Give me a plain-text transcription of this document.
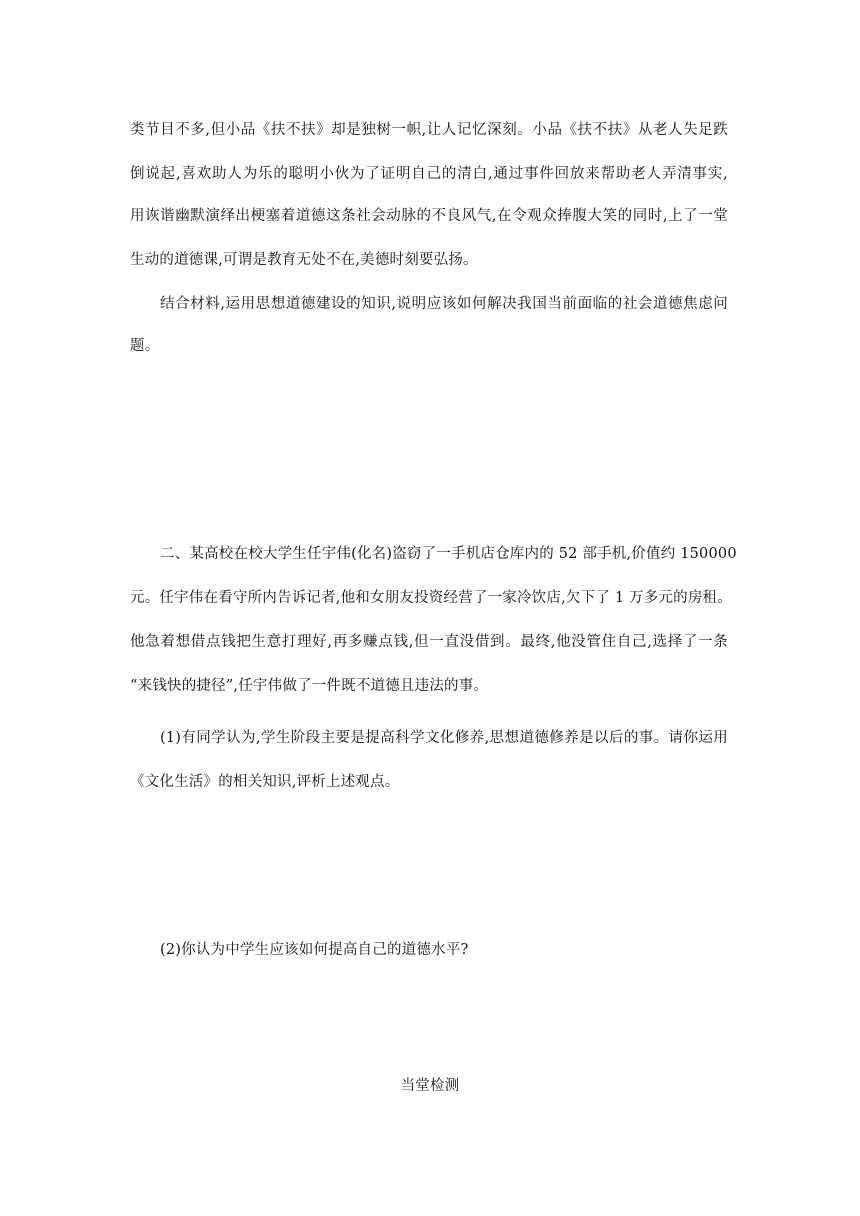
类节目不多,但小品《扶不扶》却是独树一帜,让人记忆深刻。小品《扶不扶》从老人失足跌
倒说起,喜欢助人为乐的聪明小伙为了证明自己的清白,通过事件回放来帮助老人弄清事实,
用诙谐幽默演绎出梗塞着道德这条社会动脉的不良风气,在令观众捧腹大笑的同时,上了一堂
生动的道德课,可谓是教育无处不在,美德时刻要弘扬。
结合材料,运用思想道德建设的知识,说明应该如何解决我国当前面临的社会道德焦虑问
题。
二、某高校在校大学生任宇伟(化名)盗窃了一手机店仓库内的 52 部手机,价值约 150000
元。任宇伟在看守所内告诉记者,他和女朋友投资经营了一家冷饮店,欠下了 1 万多元的房租。
他急着想借点钱把生意打理好,再多赚点钱,但一直没借到。最终,他没管住自己,选择了一条
“来钱快的捷径”,任宇伟做了一件既不道德且违法的事。
(1)有同学认为,学生阶段主要是提高科学文化修养,思想道德修养是以后的事。请你运用
《文化生活》的相关知识,评析上述观点。
(2)你认为中学生应该如何提高自己的道德水平?
当堂检测
